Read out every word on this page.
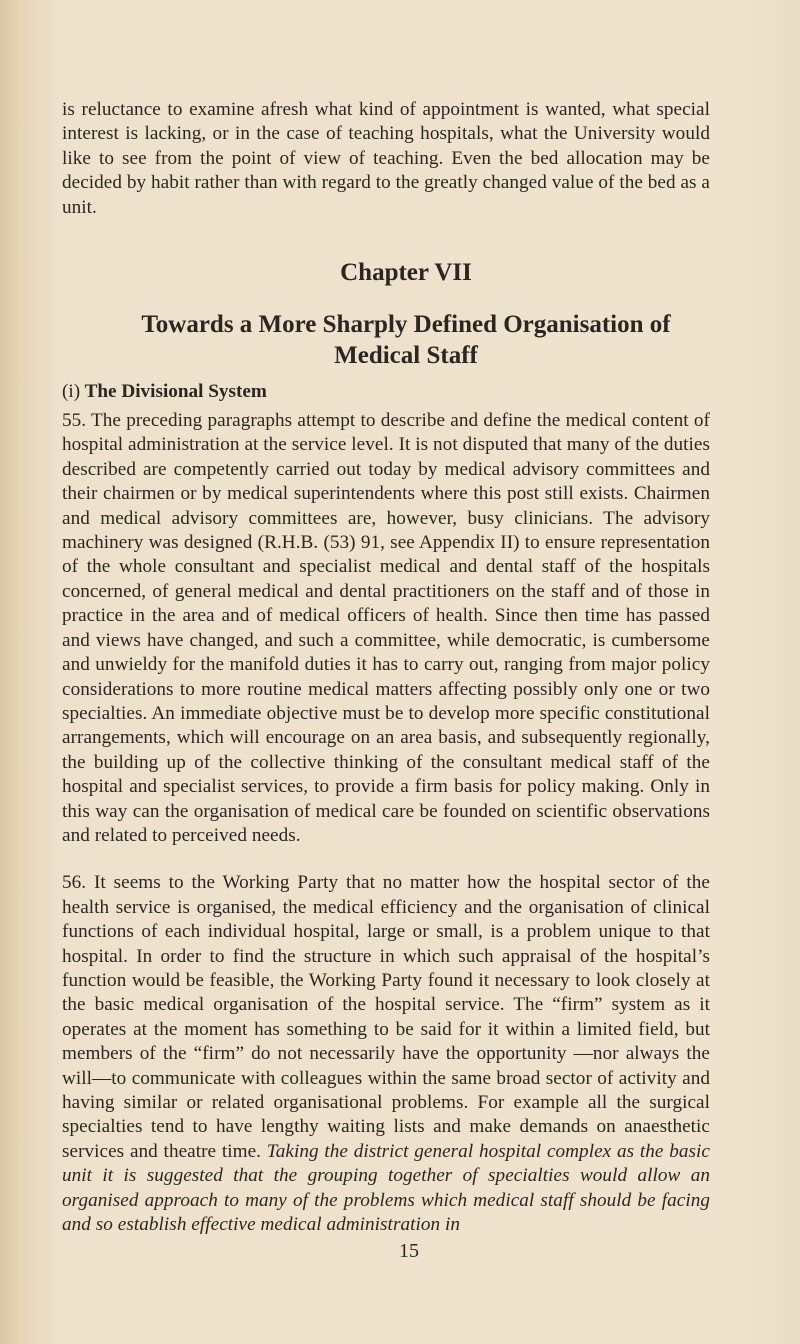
is reluctance to examine afresh what kind of appointment is wanted, what special interest is lacking, or in the case of teaching hospitals, what the University would like to see from the point of view of teaching. Even the bed allocation may be decided by habit rather than with regard to the greatly changed value of the bed as a unit.

Chapter VII
Towards a More Sharply Defined Organisation of Medical Staff
(i) The Divisional System

55. The preceding paragraphs attempt to describe and define the medical content of hospital administration at the service level. It is not disputed that many of the duties described are competently carried out today by medical advisory committees and their chairmen or by medical superintendents where this post still exists. Chairmen and medical advisory committees are, however, busy clinicians. The advisory machinery was designed (R.H.B. (53) 91, see Appendix II) to ensure representation of the whole consultant and specialist medical and dental staff of the hospitals concerned, of general medical and dental practitioners on the staff and of those in practice in the area and of medical officers of health. Since then time has passed and views have changed, and such a committee, while democratic, is cumbersome and unwieldy for the manifold duties it has to carry out, ranging from major policy considerations to more routine medical matters affecting possibly only one or two specialties. An immediate objective must be to develop more specific constitutional arrangements, which will encourage on an area basis, and subsequently regionally, the building up of the collective thinking of the consultant medical staff of the hospital and specialist services, to provide a firm basis for policy making. Only in this way can the organisation of medical care be founded on scientific observations and related to perceived needs.

56. It seems to the Working Party that no matter how the hospital sector of the health service is organised, the medical efficiency and the organisation of clinical functions of each individual hospital, large or small, is a problem unique to that hospital. In order to find the structure in which such appraisal of the hospital’s function would be feasible, the Working Party found it necessary to look closely at the basic medical organisation of the hospital service. The “firm” system as it operates at the moment has something to be said for it within a limited field, but members of the “firm” do not necessarily have the opportunity —nor always the will—to communicate with colleagues within the same broad sector of activity and having similar or related organisational problems. For example all the surgical specialties tend to have lengthy waiting lists and make demands on anaesthetic services and theatre time. Taking the district general hospital complex as the basic unit it is suggested that the grouping together of specialties would allow an organised approach to many of the problems which medical staff should be facing and so establish effective medical administration in

15
